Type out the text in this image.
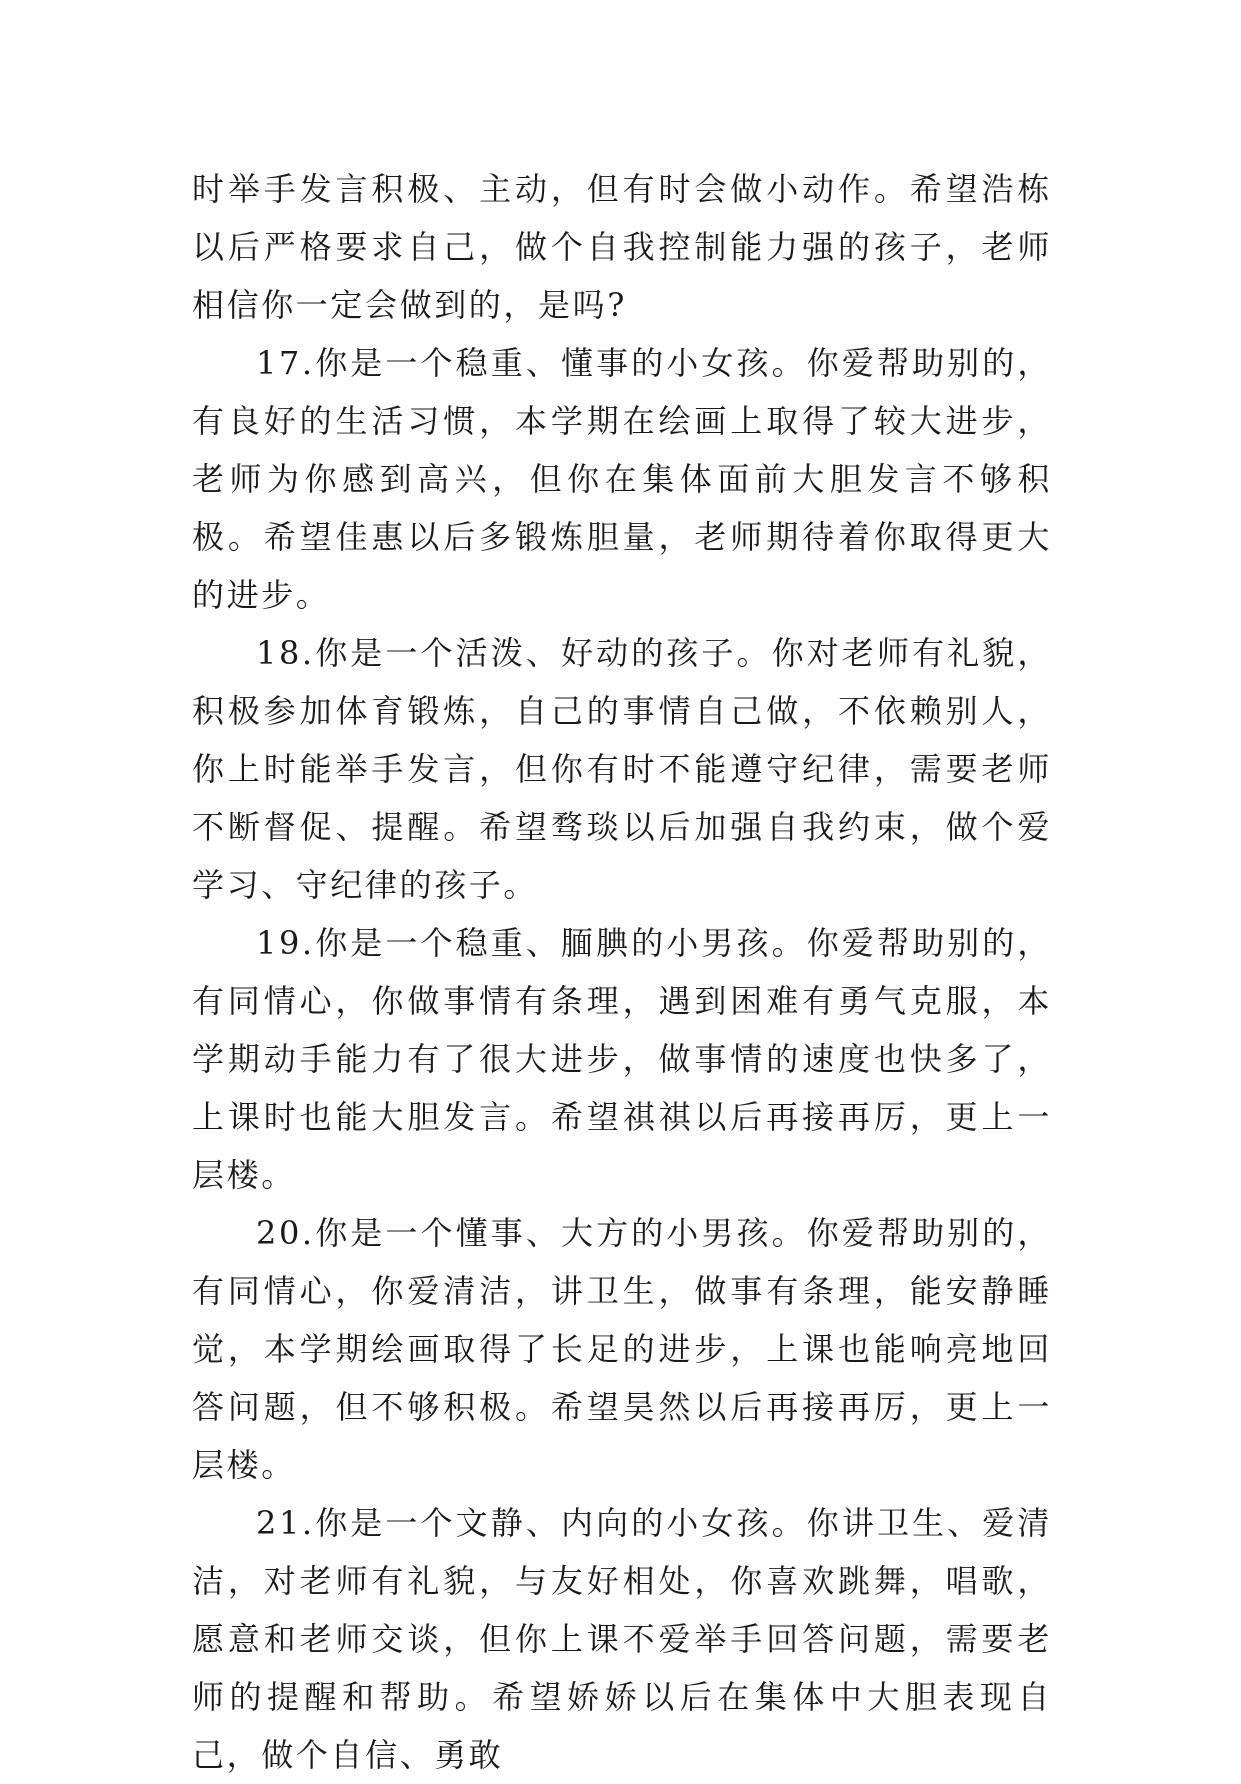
时举手发言积极、主动，但有时会做小动作。希望浩栋以后严格要求自己，做个自我控制能力强的孩子，老师相信你一定会做到的，是吗?

17.你是一个稳重、懂事的小女孩。你爱帮助别的，有良好的生活习惯，本学期在绘画上取得了较大进步，老师为你感到高兴，但你在集体面前大胆发言不够积极。希望佳惠以后多锻炼胆量，老师期待着你取得更大的进步。

18.你是一个活泼、好动的孩子。你对老师有礼貌，积极参加体育锻炼，自己的事情自己做，不依赖别人，你上时能举手发言，但你有时不能遵守纪律，需要老师不断督促、提醒。希望骛琰以后加强自我约束，做个爱学习、守纪律的孩子。

19.你是一个稳重、腼腆的小男孩。你爱帮助别的，有同情心，你做事情有条理，遇到困难有勇气克服，本学期动手能力有了很大进步，做事情的速度也快多了，上课时也能大胆发言。希望祺祺以后再接再厉，更上一层楼。

20.你是一个懂事、大方的小男孩。你爱帮助别的，有同情心，你爱清洁，讲卫生，做事有条理，能安静睡觉，本学期绘画取得了长足的进步，上课也能响亮地回答问题，但不够积极。希望昊然以后再接再厉，更上一层楼。

21.你是一个文静、内向的小女孩。你讲卫生、爱清洁，对老师有礼貌，与友好相处，你喜欢跳舞，唱歌，愿意和老师交谈，但你上课不爱举手回答问题，需要老师的提醒和帮助。希望娇娇以后在集体中大胆表现自己，做个自信、勇敢
